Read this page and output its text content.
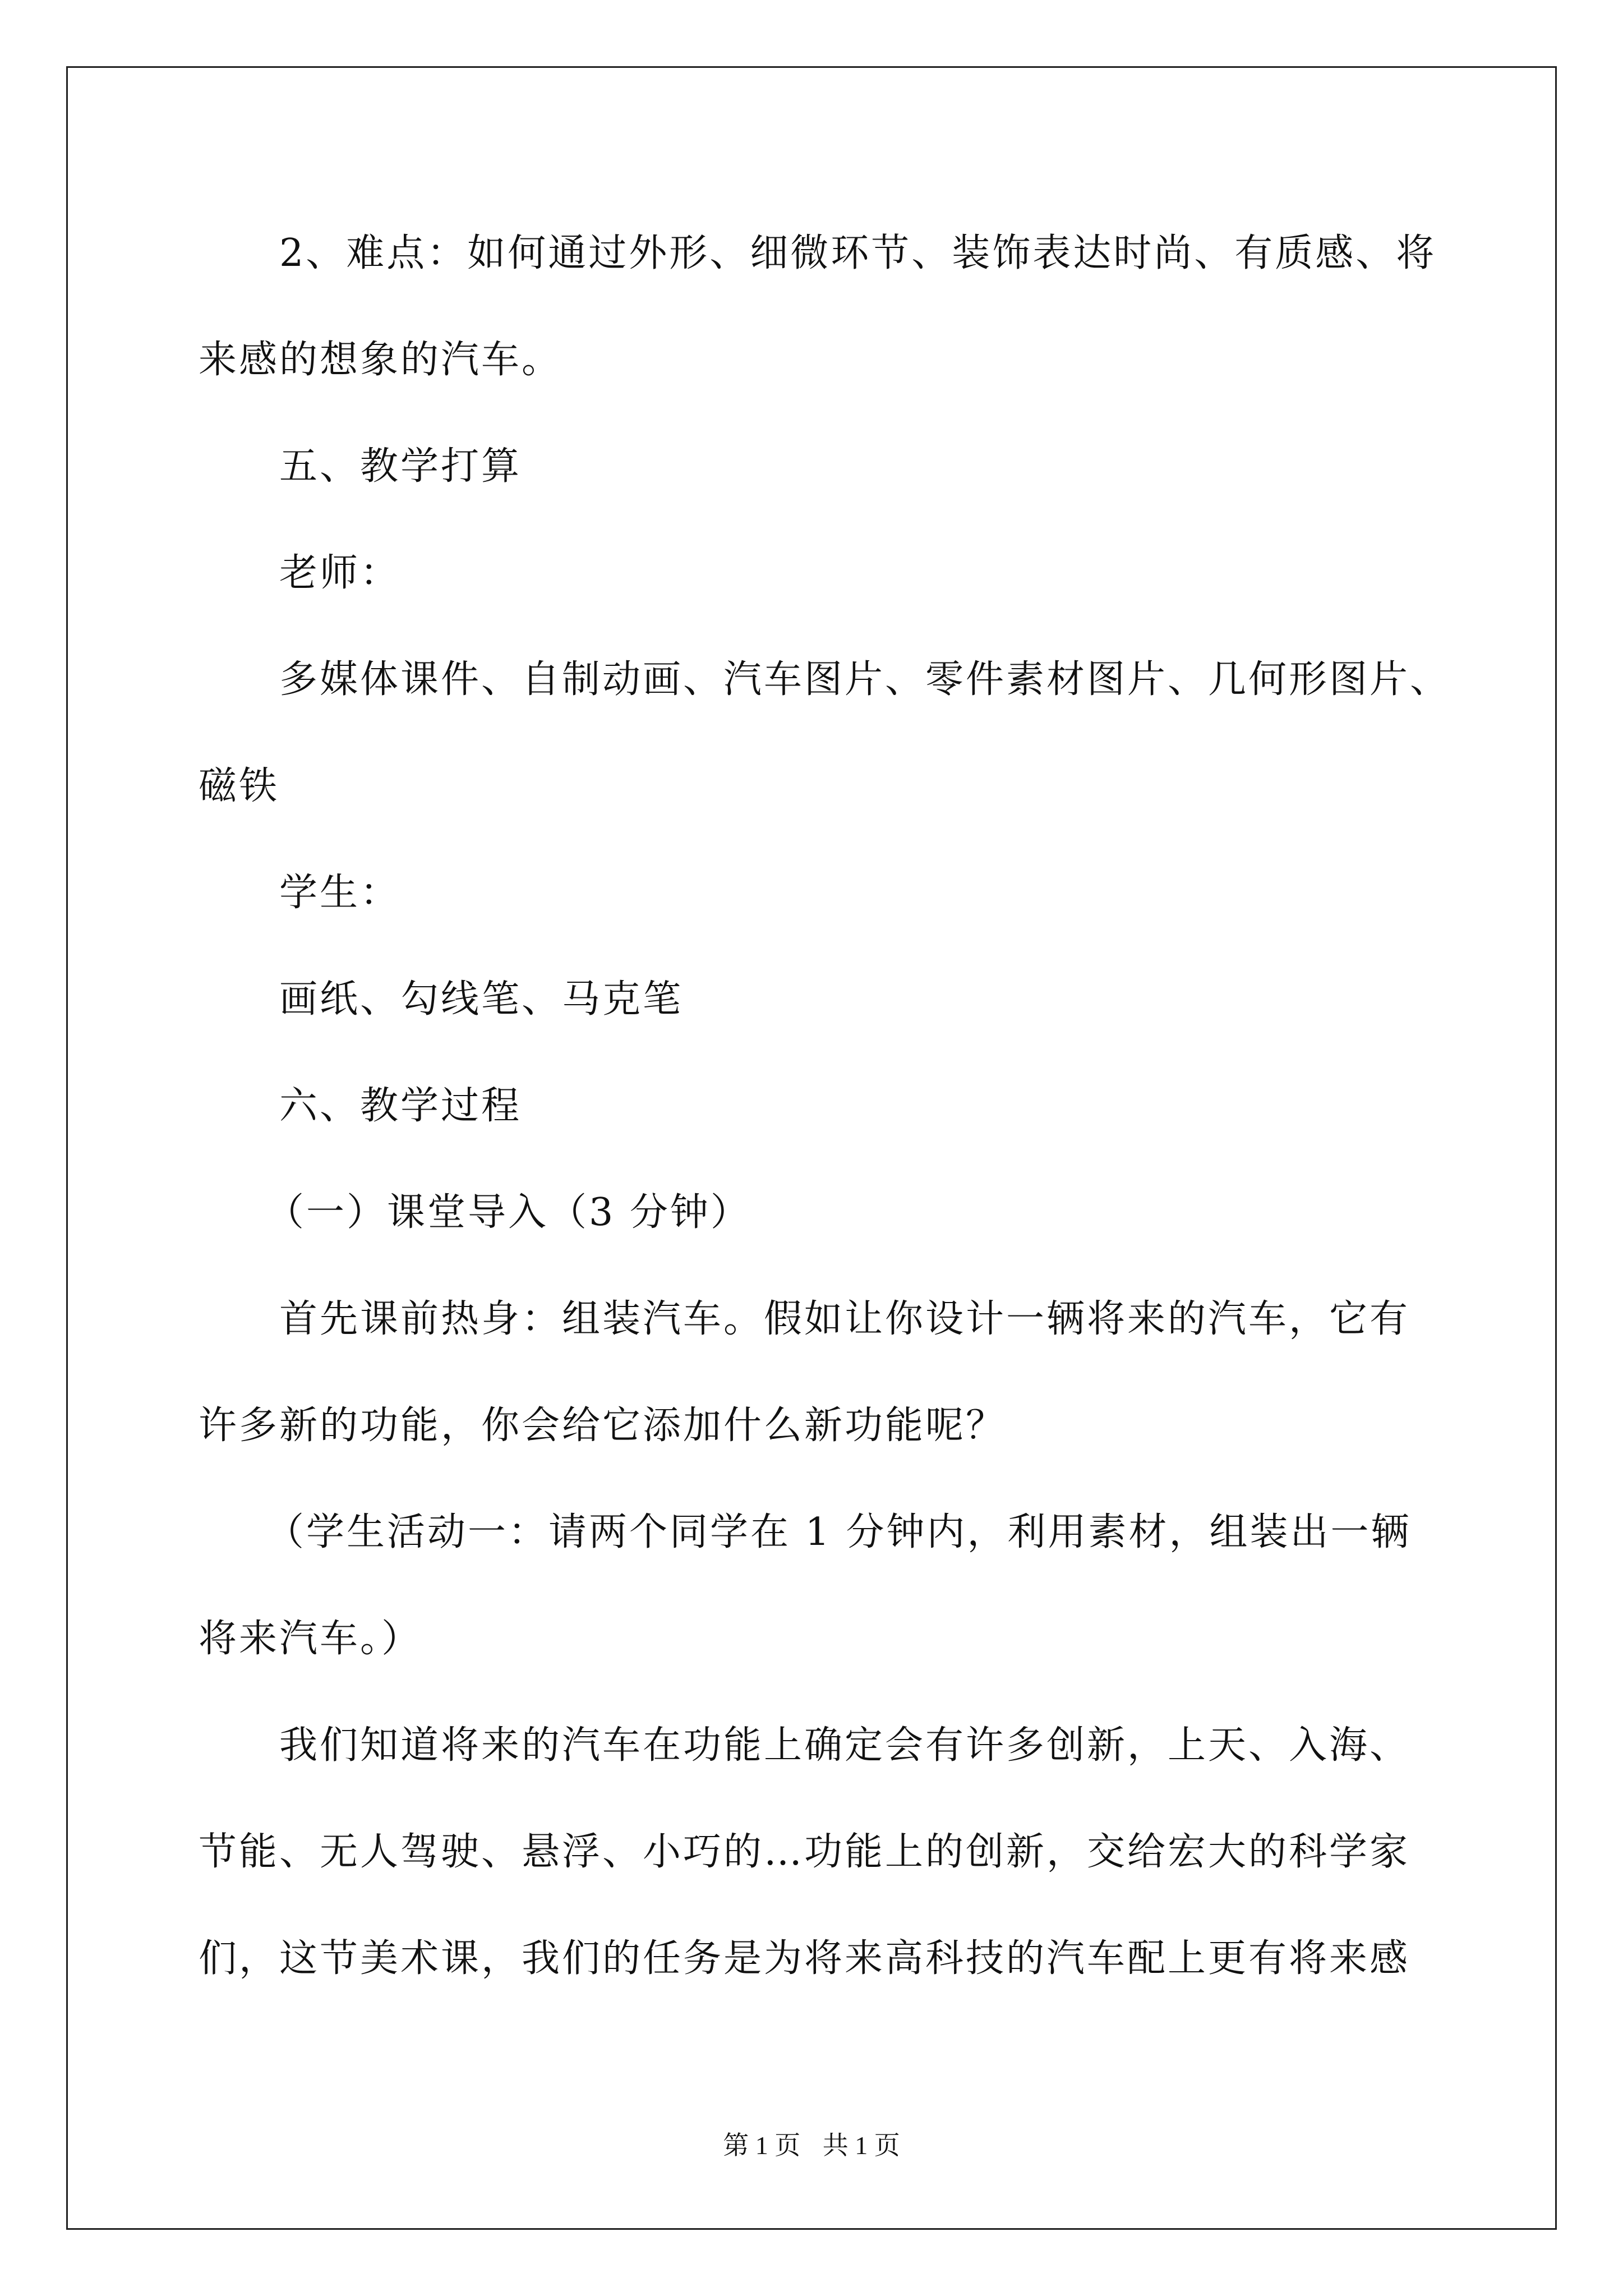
2、难点：如何通过外形、细微环节、装饰表达时尚、有质感、将
来感的想象的汽车。
五、教学打算
老师：
多媒体课件、自制动画、汽车图片、零件素材图片、几何形图片、
磁铁
学生：
画纸、勾线笔、马克笔
六、教学过程
（一）课堂导入（3 分钟）
首先课前热身：组装汽车。假如让你设计一辆将来的汽车，它有
许多新的功能，你会给它添加什么新功能呢？
（学生活动一：请两个同学在 1 分钟内，利用素材，组装出一辆
将来汽车。）
我们知道将来的汽车在功能上确定会有许多创新，上天、入海、
节能、无人驾驶、悬浮、小巧的…功能上的创新，交给宏大的科学家
们，这节美术课，我们的任务是为将来高科技的汽车配上更有将来感
第 1 页 共 1 页
